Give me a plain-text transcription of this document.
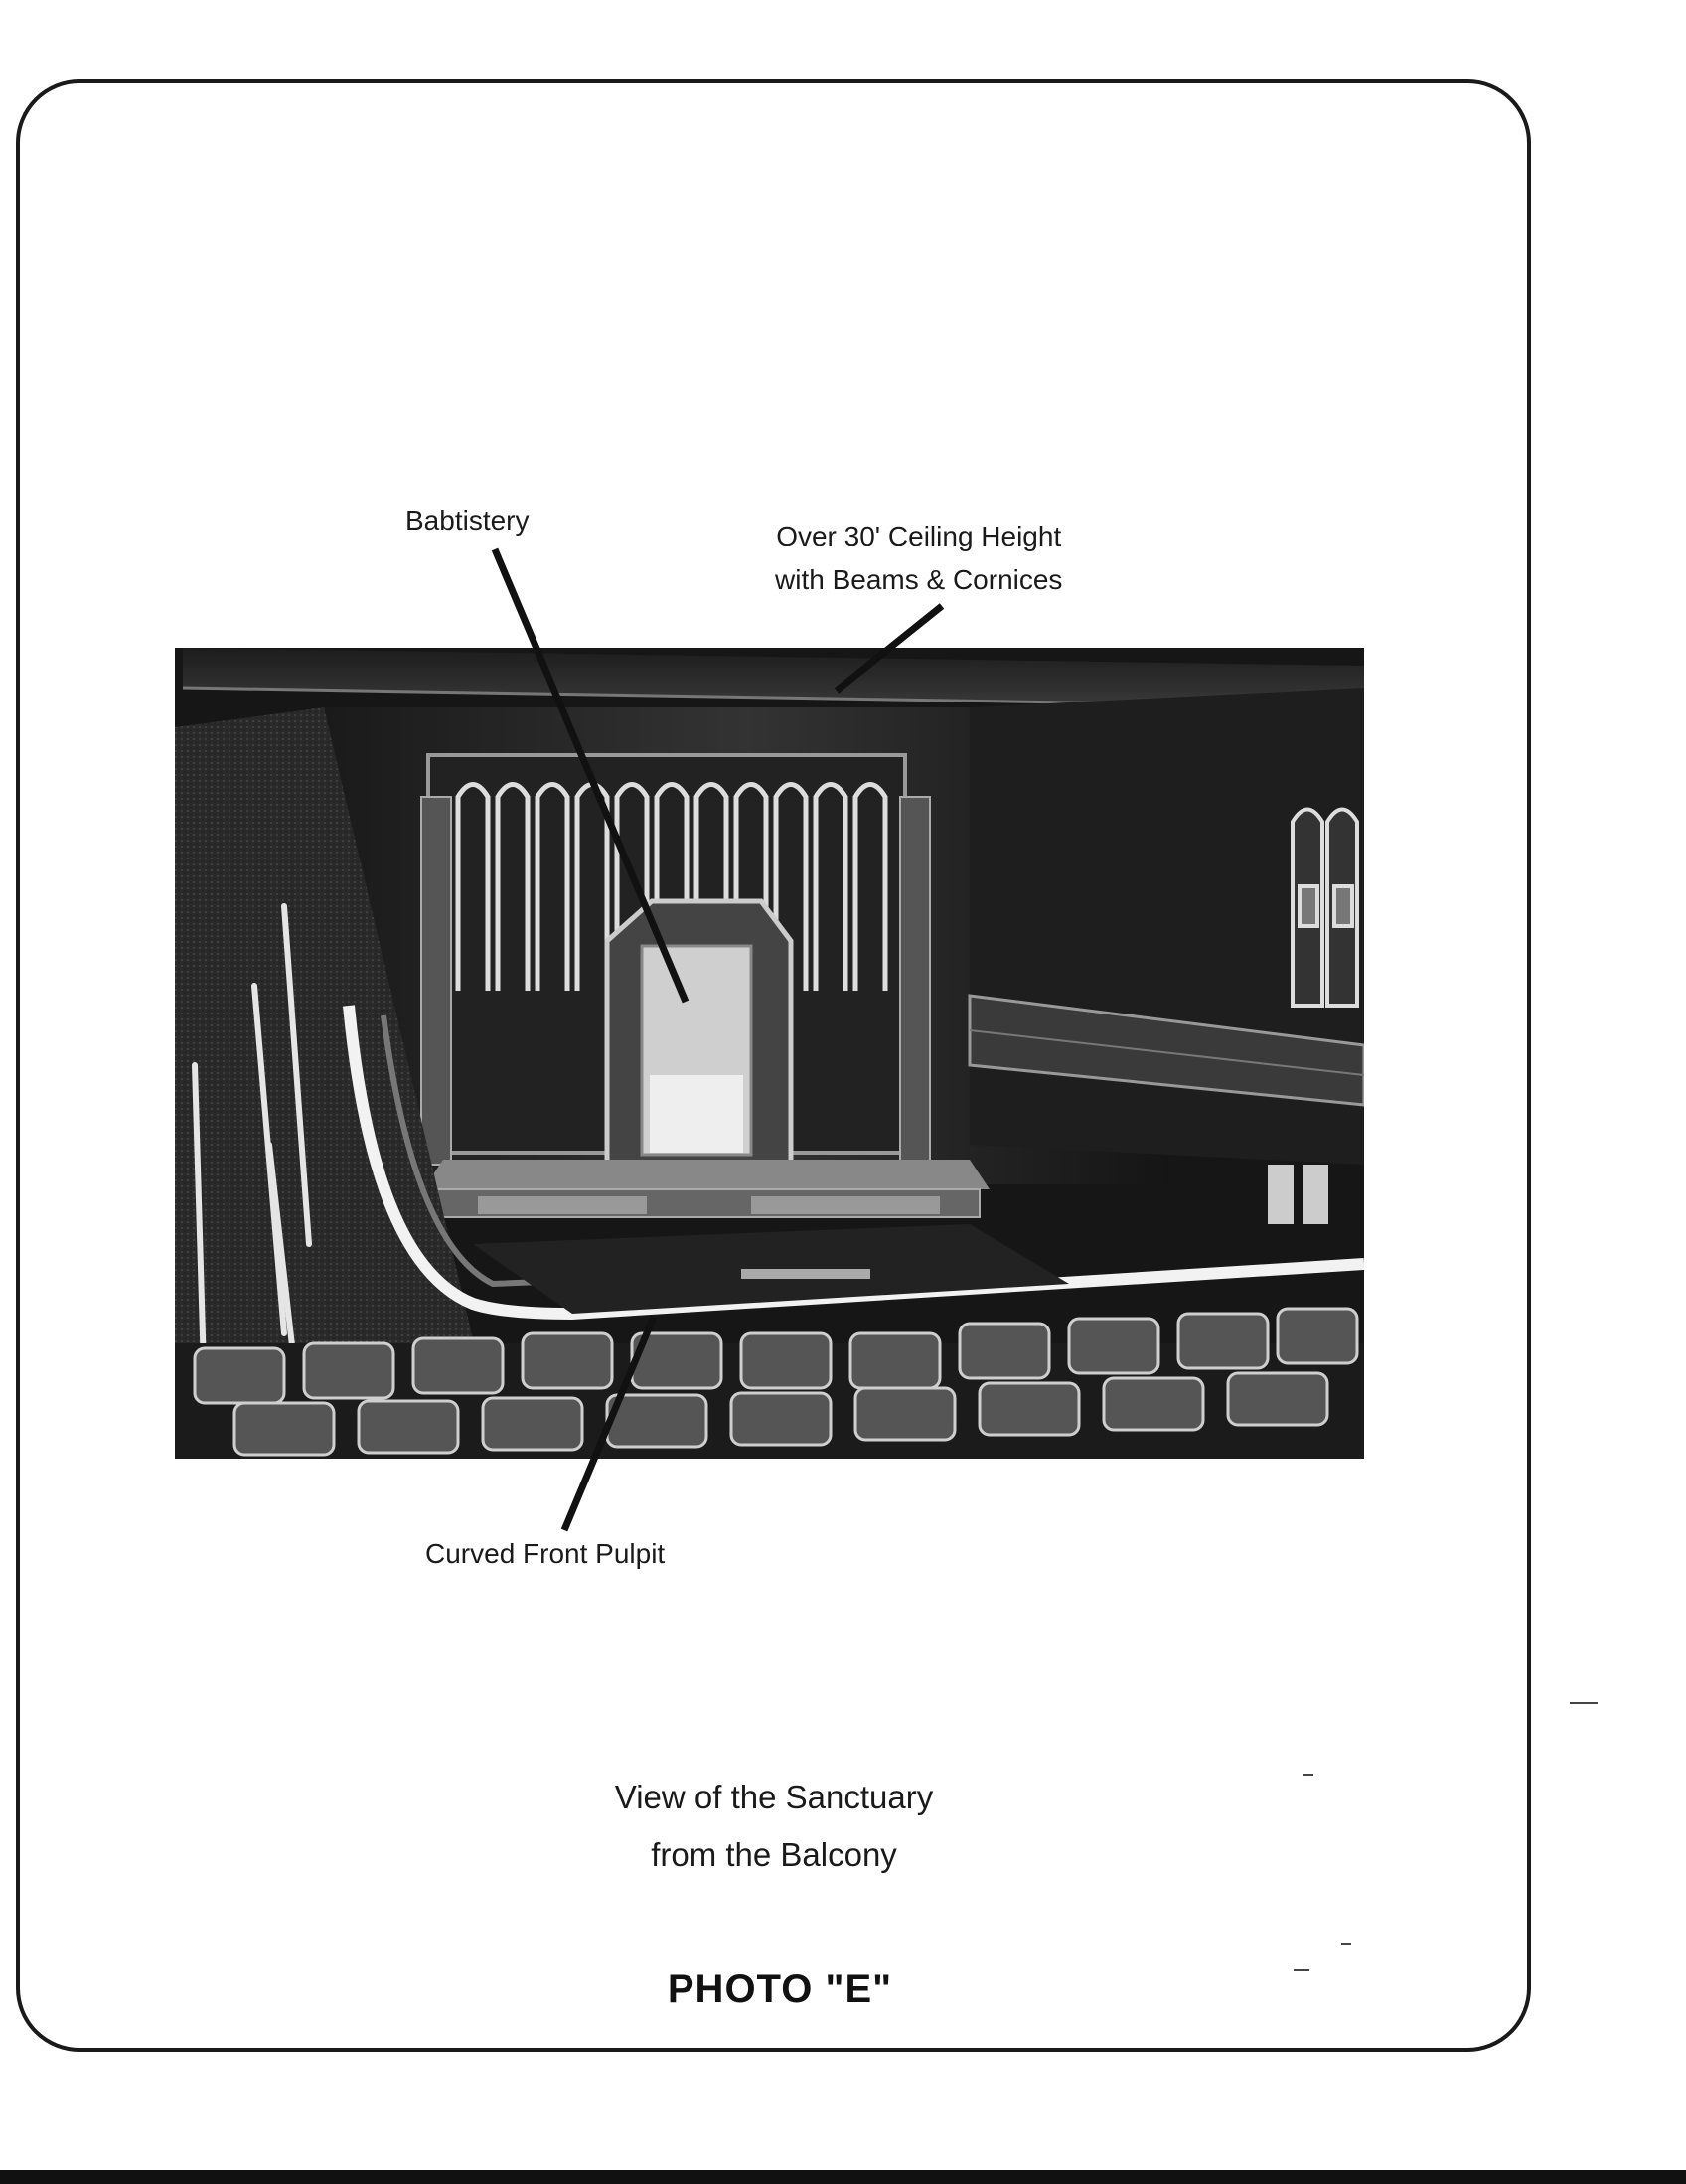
Babtistery
Over 30' Ceiling Height
with Beams & Cornices
Curved Front Pulpit
View of the Sanctuary
from the Balcony
PHOTO "E"
